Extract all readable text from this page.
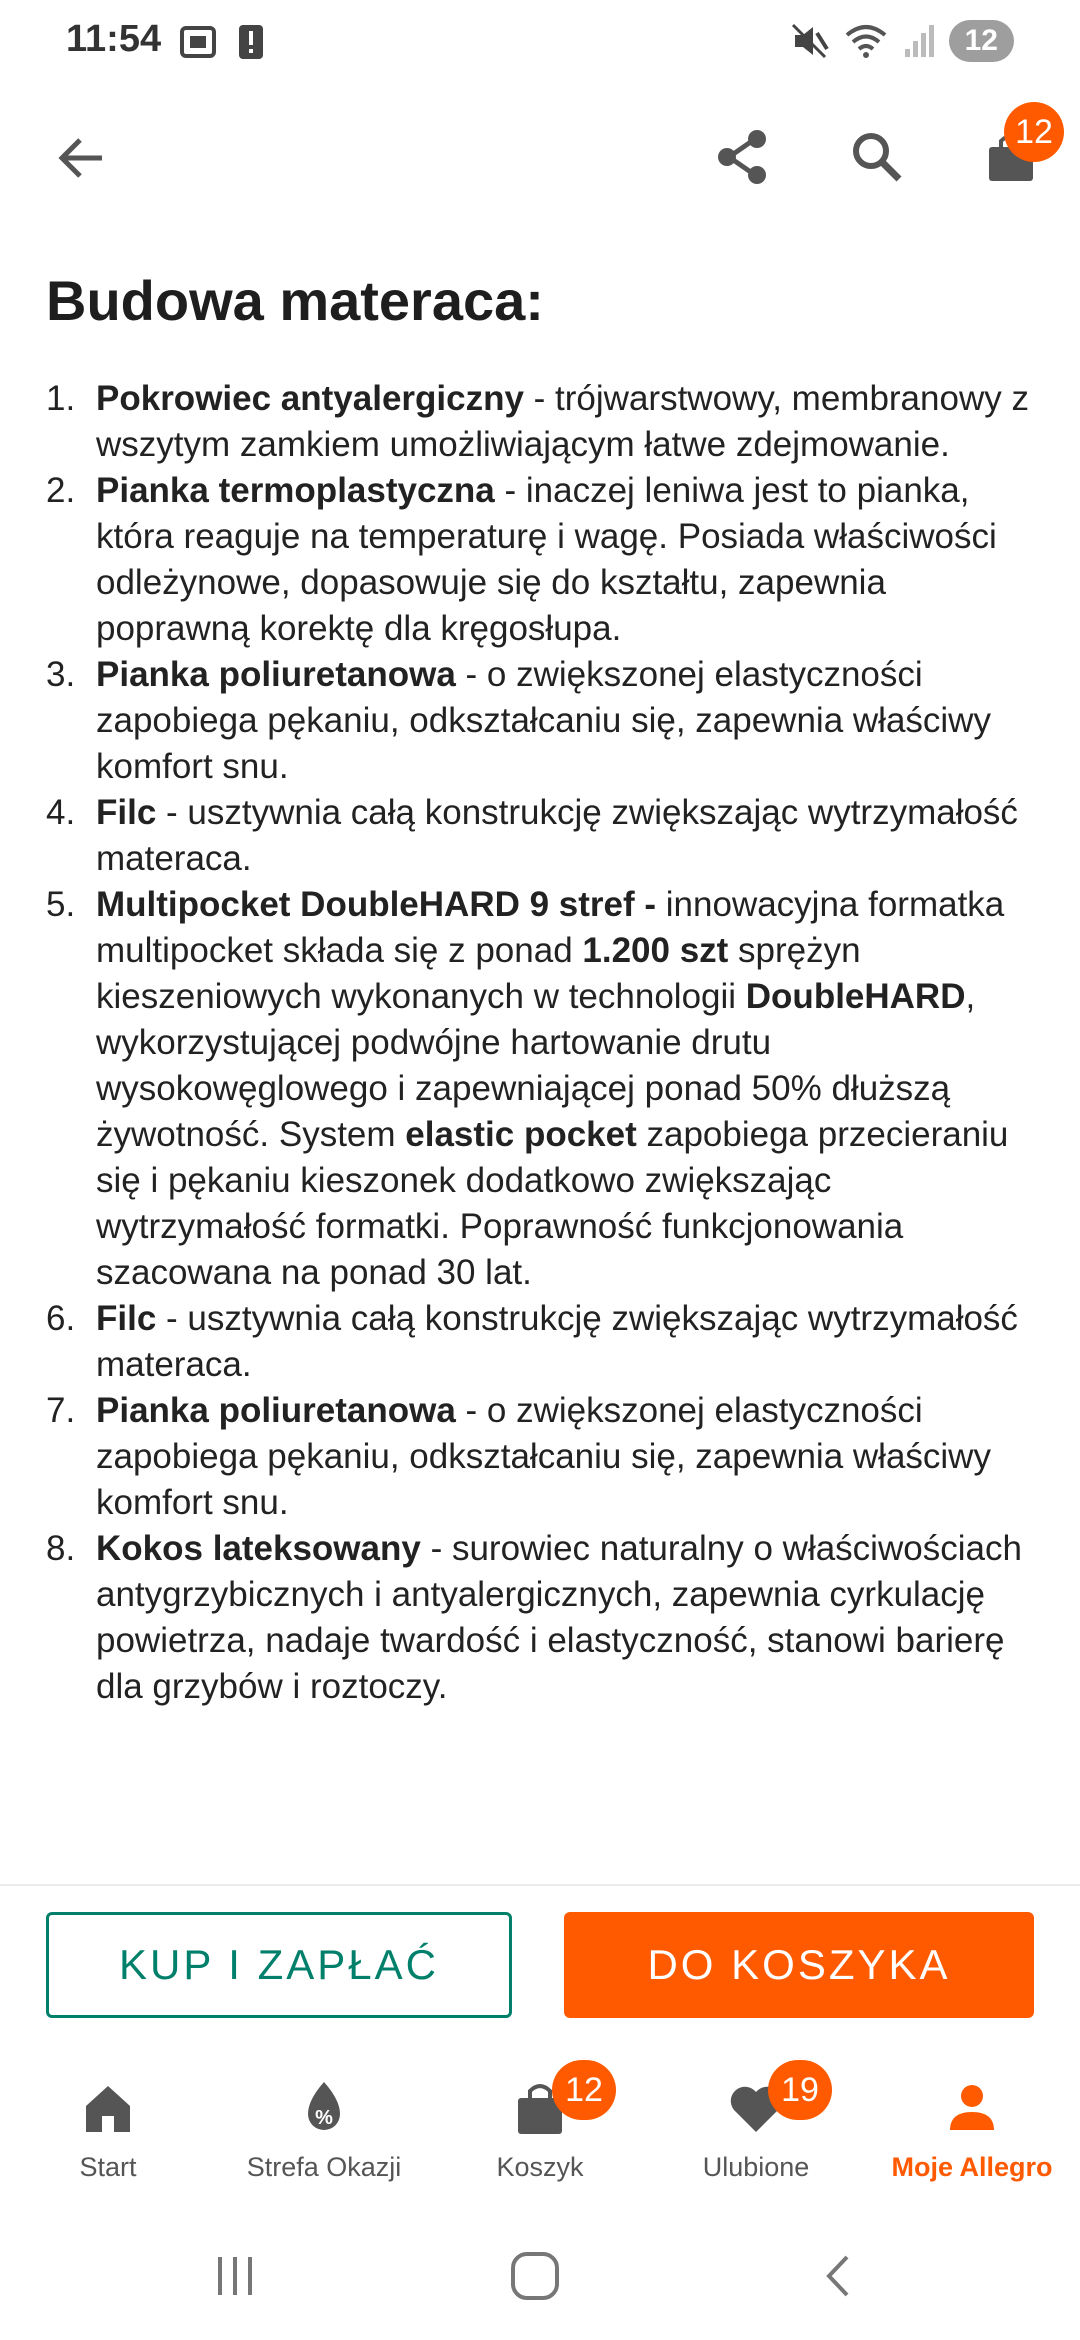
11:54	12
12
Budowa materaca:
1. Pokrowiec antyalergiczny - trójwarstwowy, membranowy z wszytym zamkiem umożliwiającym łatwe zdejmowanie.
2. Pianka termoplastyczna - inaczej leniwa jest to pianka, która reaguje na temperaturę i wagę. Posiada właściwości odleżynowe, dopasowuje się do kształtu, zapewnia poprawną korektę dla kręgosłupa.
3. Pianka poliuretanowa - o zwiększonej elastyczności zapobiega pękaniu, odkształcaniu się, zapewnia właściwy komfort snu.
4. Filc - usztywnia całą konstrukcję zwiększając wytrzymałość materaca.
5. Multipocket DoubleHARD 9 stref - innowacyjna formatka multipocket składa się z ponad 1.200 szt sprężyn kieszeniowych wykonanych w technologii DoubleHARD, wykorzystującej podwójne hartowanie drutu wysokowęglowego i zapewniającej ponad 50% dłuższą żywotność. System elastic pocket zapobiega przecieraniu się i pękaniu kieszonek dodatkowo zwiększając wytrzymałość formatki. Poprawność funkcjonowania szacowana na ponad 30 lat.
6. Filc - usztywnia całą konstrukcję zwiększając wytrzymałość materaca.
7. Pianka poliuretanowa - o zwiększonej elastyczności zapobiega pękaniu, odkształcaniu się, zapewnia właściwy komfort snu.
8. Kokos lateksowany - surowiec naturalny o właściwościach antygrzybicznych i antyalergicznych, zapewnia cyrkulację powietrza, nadaje twardość i elastyczność, stanowi barierę dla grzybów i roztoczy.
KUP I ZAPŁAĆ	DO KOSZYKA
Start
%
Strefa Okazji
12
Koszyk
19
Ulubione	Moje Allegro
